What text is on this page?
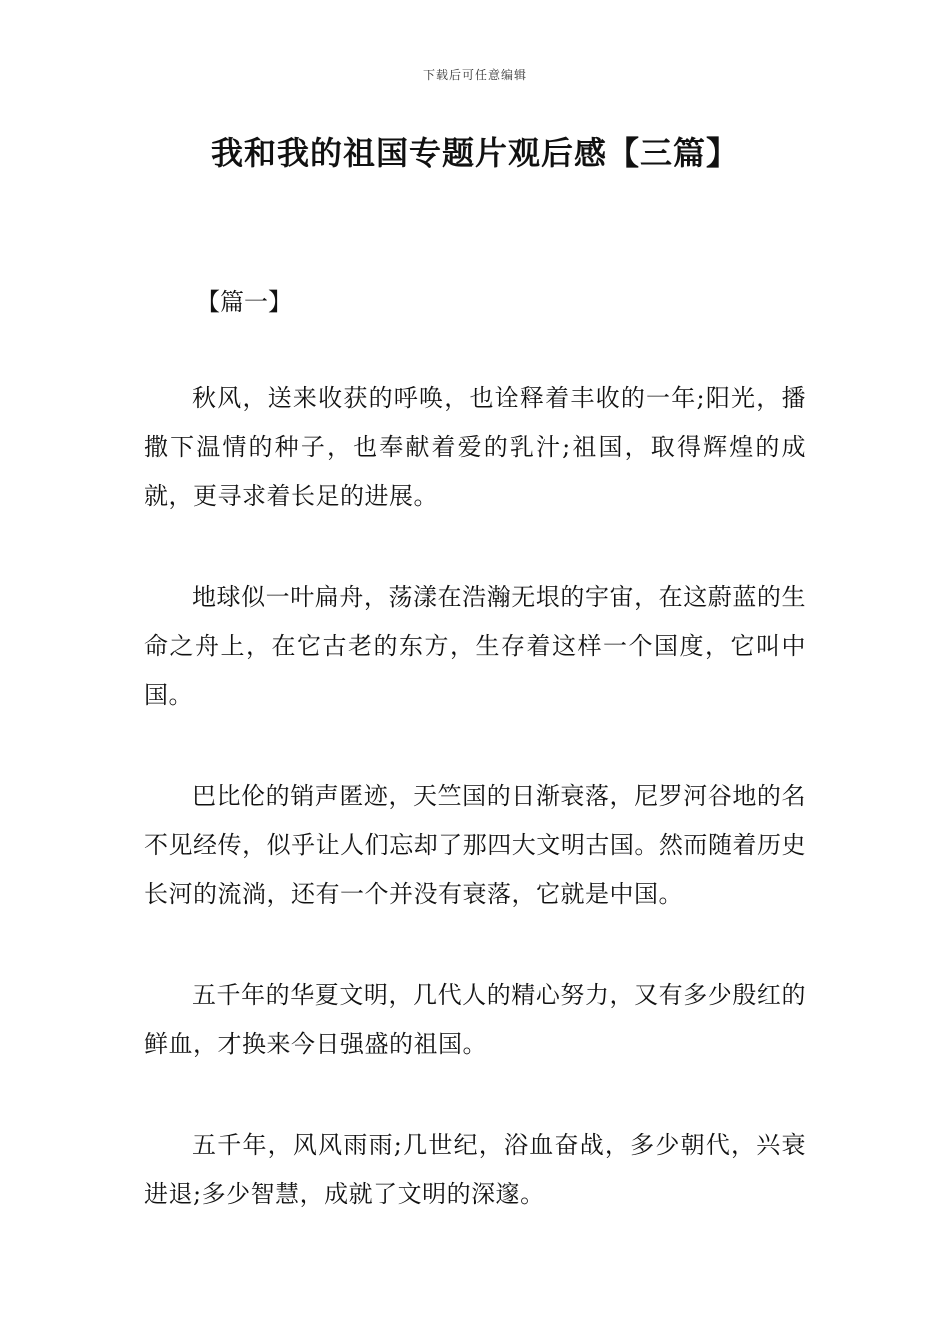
下载后可任意编辑
我和我的祖国专题片观后感【三篇】

【篇一】

秋风，送来收获的呼唤，也诠释着丰收的一年;阳光，播撒下温情的种子，也奉献着爱的乳汁;祖国，取得辉煌的成就，更寻求着长足的进展。

地球似一叶扁舟，荡漾在浩瀚无垠的宇宙，在这蔚蓝的生命之舟上，在它古老的东方，生存着这样一个国度，它叫中国。

巴比伦的销声匿迹，天竺国的日渐衰落，尼罗河谷地的名不见经传，似乎让人们忘却了那四大文明古国。然而随着历史长河的流淌，还有一个并没有衰落，它就是中国。

五千年的华夏文明，几代人的精心努力，又有多少殷红的鲜血，才换来今日强盛的祖国。

五千年，风风雨雨;几世纪，浴血奋战，多少朝代，兴衰进退;多少智慧，成就了文明的深邃。
